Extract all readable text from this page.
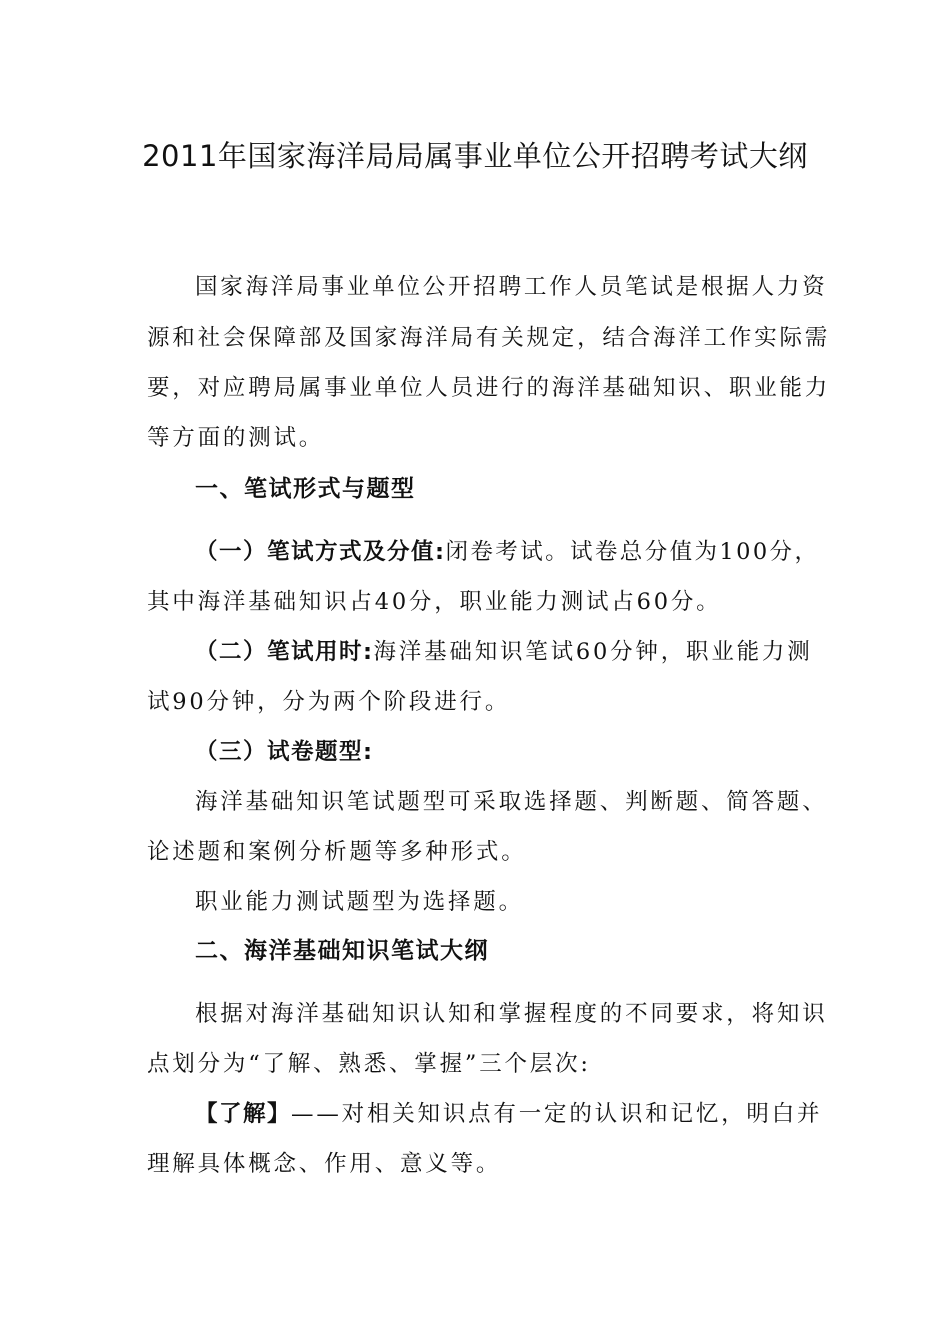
2011年国家海洋局局属事业单位公开招聘考试大纲
国家海洋局事业单位公开招聘工作人员笔试是根据人力资
源和社会保障部及国家海洋局有关规定，结合海洋工作实际需
要，对应聘局属事业单位人员进行的海洋基础知识、职业能力
等方面的测试。
一、笔试形式与题型
（一）笔试方式及分值:闭卷考试。试卷总分值为100分，
其中海洋基础知识占40分，职业能力测试占60分。
（二）笔试用时:海洋基础知识笔试60分钟，职业能力测
试90分钟，分为两个阶段进行。
（三）试卷题型:
海洋基础知识笔试题型可采取选择题、判断题、简答题、
论述题和案例分析题等多种形式。
职业能力测试题型为选择题。
二、海洋基础知识笔试大纲
根据对海洋基础知识认知和掌握程度的不同要求，将知识
点划分为“了解、熟悉、掌握”三个层次:
【了解】——对相关知识点有一定的认识和记忆，明白并
理解具体概念、作用、意义等。
